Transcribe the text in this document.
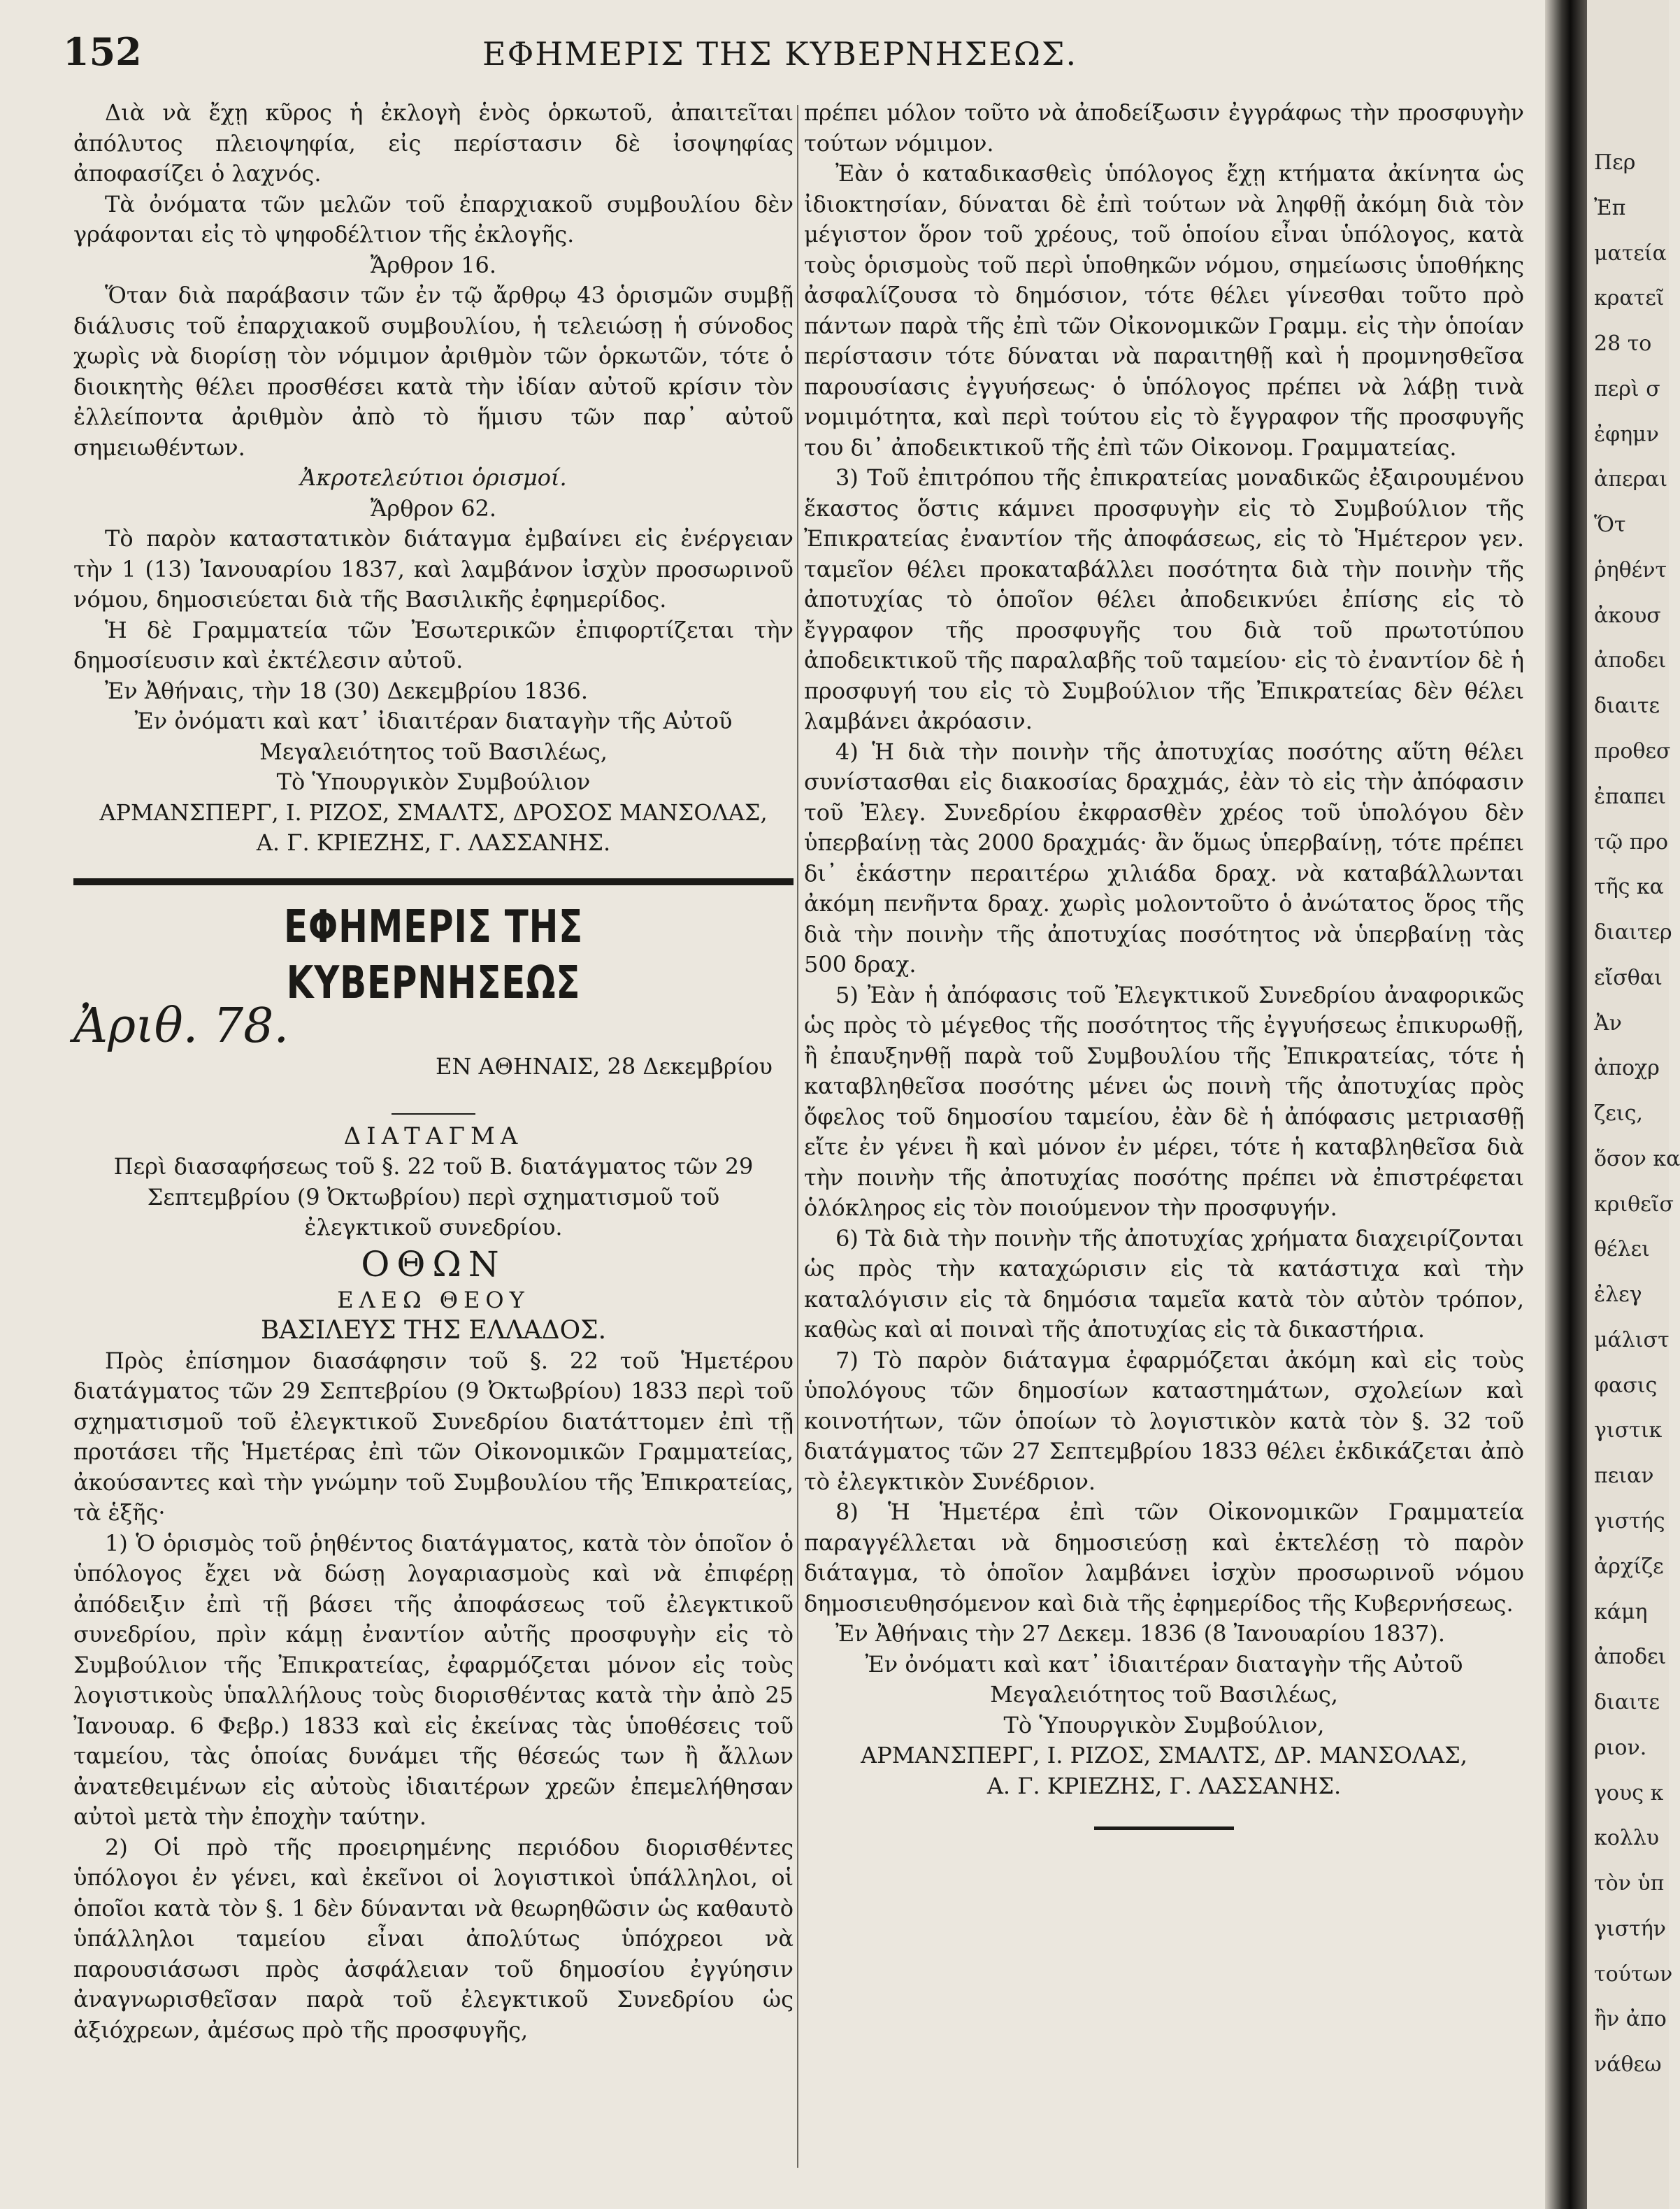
152	ΕΦΗΜΕΡΙΣ ΤΗΣ ΚΥΒΕΡΝΗΣΕΩΣ.

Διὰ νὰ ἔχῃ κῦρος ἡ ἐκλογὴ ἑνὸς ὁρκωτοῦ, ἀπαιτεῖται ἀπόλυτος πλειοψηφία, εἰς περίστασιν δὲ ἰσοψηφίας ἀποφασίζει ὁ λαχνός.

Τὰ ὀνόματα τῶν μελῶν τοῦ ἐπαρχιακοῦ συμβουλίου δὲν γράφονται εἰς τὸ ψηφοδέλτιον τῆς ἐκλογῆς.

Ἄρθρον 16.

Ὅταν διὰ παράβασιν τῶν ἐν τῷ ἄρθρῳ 43 ὁρισμῶν συμβῇ διάλυσις τοῦ ἐπαρχιακοῦ συμβουλίου, ἡ τελειώσῃ ἡ σύνοδος χωρὶς νὰ διορίσῃ τὸν νόμιμον ἀριθμὸν τῶν ὁρκωτῶν, τότε ὁ διοικητὴς θέλει προσθέσει κατὰ τὴν ἰδίαν αὐτοῦ κρίσιν τὸν ἐλλείποντα ἀριθμὸν ἀπὸ τὸ ἥμισυ τῶν παρ᾽ αὐτοῦ σημειωθέντων.

Ἀκροτελεύτιοι ὁρισμοί.

Ἄρθρον 62.

Τὸ παρὸν καταστατικὸν διάταγμα ἐμβαίνει εἰς ἐνέργειαν τὴν 1 (13) Ἰανουαρίου 1837, καὶ λαμβάνον ἰσχὺν προσωρινοῦ νόμου, δημοσιεύεται διὰ τῆς Βασιλικῆς ἐφημερίδος.

Ἡ δὲ Γραμματεία τῶν Ἐσωτερικῶν ἐπιφορτίζεται τὴν δημοσίευσιν καὶ ἐκτέλεσιν αὐτοῦ.

Ἐν Ἀθήναις, τὴν 18 (30) Δεκεμβρίου 1836.

Ἐν ὀνόματι καὶ κατ᾽ ἰδιαιτέραν διαταγὴν τῆς Αὐτοῦ

Μεγαλειότητος τοῦ Βασιλέως,

Τὸ Ὑπουργικὸν Συμβούλιον

ΑΡΜΑΝΣΠΕΡΓ, Ι. ΡΙΖΟΣ, ΣΜΑΛΤΣ, ΔΡΟΣΟΣ ΜΑΝΣΟΛΑΣ,

Α. Γ. ΚΡΙΕΖΗΣ, Γ. ΛΑΣΣΑΝΗΣ.

ΕΦΗΜΕΡΙΣ ΤΗΣ ΚΥΒΕΡΝΗΣΕΩΣ
Ἀριθ. 78.
ΕΝ ΑΘΗΝΑΙΣ, 28 Δεκεμβρίου

ΔΙΑΤΑΓΜΑ

Περὶ διασαφήσεως τοῦ §. 22 τοῦ Β. διατάγματος τῶν 29 Σεπτεμβρίου (9 Ὀκτωβρίου) περὶ σχηματισμοῦ τοῦ ἐλεγκτικοῦ συνεδρίου.

ΟΘΩΝ

ΕΛΕΩ ΘΕΟΥ

ΒΑΣΙΛΕΥΣ ΤΗΣ ΕΛΛΑΔΟΣ.

Πρὸς ἐπίσημον διασάφησιν τοῦ §. 22 τοῦ Ἡμετέρου διατάγματος τῶν 29 Σεπτεβρίου (9 Ὀκτωβρίου) 1833 περὶ τοῦ σχηματισμοῦ τοῦ ἐλεγκτικοῦ Συνεδρίου διατάττομεν ἐπὶ τῇ προτάσει τῆς Ἡμετέρας ἐπὶ τῶν Οἰκονομικῶν Γραμματείας, ἀκούσαντες καὶ τὴν γνώμην τοῦ Συμβουλίου τῆς Ἐπικρατείας, τὰ ἑξῆς·

1) Ὁ ὁρισμὸς τοῦ ῥηθέντος διατάγματος, κατὰ τὸν ὁποῖον ὁ ὑπόλογος ἔχει νὰ δώσῃ λογαριασμοὺς καὶ νὰ ἐπιφέρῃ ἀπόδειξιν ἐπὶ τῇ βάσει τῆς ἀποφάσεως τοῦ ἐλεγκτικοῦ συνεδρίου, πρὶν κάμῃ ἐναντίον αὐτῆς προσφυγὴν εἰς τὸ Συμβούλιον τῆς Ἐπικρατείας, ἐφαρμόζεται μόνον εἰς τοὺς λογιστικοὺς ὑπαλλήλους τοὺς διορισθέντας κατὰ τὴν ἀπὸ 25 Ἰανουαρ. 6 Φεβρ.) 1833 καὶ εἰς ἐκείνας τὰς ὑποθέσεις τοῦ ταμείου, τὰς ὁποίας δυνάμει τῆς θέσεώς των ἢ ἄλλων ἀνατεθειμένων εἰς αὐτοὺς ἰδιαιτέρων χρεῶν ἐπεμελήθησαν αὐτοὶ μετὰ τὴν ἐποχὴν ταύτην.

2) Οἱ πρὸ τῆς προειρημένης περιόδου διορισθέντες ὑπόλογοι ἐν γένει, καὶ ἐκεῖνοι οἱ λογιστικοὶ ὑπάλληλοι, οἱ ὁποῖοι κατὰ τὸν §. 1 δὲν δύνανται νὰ θεωρηθῶσιν ὡς καθαυτὸ ὑπάλληλοι ταμείου εἶναι ἀπολύτως ὑπόχρεοι νὰ παρουσιάσωσι πρὸς ἀσφάλειαν τοῦ δημοσίου ἐγγύησιν ἀναγνωρισθεῖσαν παρὰ τοῦ ἐλεγκτικοῦ Συνεδρίου ὡς ἀξιόχρεων, ἀμέσως πρὸ τῆς προσφυγῆς,

πρέπει μόλον τοῦτο νὰ ἀποδείξωσιν ἐγγράφως τὴν προσφυγὴν τούτων νόμιμον.

Ἐὰν ὁ καταδικασθεὶς ὑπόλογος ἔχῃ κτήματα ἀκίνητα ὡς ἰδιοκτησίαν, δύναται δὲ ἐπὶ τούτων νὰ ληφθῇ ἀκόμη διὰ τὸν μέγιστον ὅρον τοῦ χρέους, τοῦ ὁποίου εἶναι ὑπόλογος, κατὰ τοὺς ὁρισμοὺς τοῦ περὶ ὑποθηκῶν νόμου, σημείωσις ὑποθήκης ἀσφαλίζουσα τὸ δημόσιον, τότε θέλει γίνεσθαι τοῦτο πρὸ πάντων παρὰ τῆς ἐπὶ τῶν Οἰκονομικῶν Γραμμ. εἰς τὴν ὁποίαν περίστασιν τότε δύναται νὰ παραιτηθῇ καὶ ἡ προμνησθεῖσα παρουσίασις ἐγγυήσεως· ὁ ὑπόλογος πρέπει νὰ λάβῃ τινὰ νομιμότητα, καὶ περὶ τούτου εἰς τὸ ἔγγραφον τῆς προσφυγῆς του δι᾽ ἀποδεικτικοῦ τῆς ἐπὶ τῶν Οἰκονομ. Γραμματείας.

3) Τοῦ ἐπιτρόπου τῆς ἐπικρατείας μοναδικῶς ἐξαιρουμένου ἕκαστος ὅστις κάμνει προσφυγὴν εἰς τὸ Συμβούλιον τῆς Ἐπικρατείας ἐναντίον τῆς ἀποφάσεως, εἰς τὸ Ἡμέτερον γεν. ταμεῖον θέλει προκαταβάλλει ποσότητα διὰ τὴν ποινὴν τῆς ἀποτυχίας τὸ ὁποῖον θέλει ἀποδεικνύει ἐπίσης εἰς τὸ ἔγγραφον τῆς προσφυγῆς του διὰ τοῦ πρωτοτύπου ἀποδεικτικοῦ τῆς παραλαβῆς τοῦ ταμείου· εἰς τὸ ἐναντίον δὲ ἡ προσφυγή του εἰς τὸ Συμβούλιον τῆς Ἐπικρατείας δὲν θέλει λαμβάνει ἀκρόασιν.

4) Ἡ διὰ τὴν ποινὴν τῆς ἀποτυχίας ποσότης αὕτη θέλει συνίστασθαι εἰς διακοσίας δραχμάς, ἐὰν τὸ εἰς τὴν ἀπόφασιν τοῦ Ἐλεγ. Συνεδρίου ἐκφρασθὲν χρέος τοῦ ὑπολόγου δὲν ὑπερβαίνῃ τὰς 2000 δραχμάς· ἂν ὅμως ὑπερβαίνῃ, τότε πρέπει δι᾽ ἑκάστην περαιτέρω χιλιάδα δραχ. νὰ καταβάλλωνται ἀκόμη πενῆντα δραχ. χωρὶς μολοντοῦτο ὁ ἀνώτατος ὅρος τῆς διὰ τὴν ποινὴν τῆς ἀποτυχίας ποσότητος νὰ ὑπερβαίνῃ τὰς 500 δραχ.

5) Ἐὰν ἡ ἀπόφασις τοῦ Ἐλεγκτικοῦ Συνεδρίου ἀναφορικῶς ὡς πρὸς τὸ μέγεθος τῆς ποσότητος τῆς ἐγγυήσεως ἐπικυρωθῇ, ἢ ἐπαυξηνθῇ παρὰ τοῦ Συμβουλίου τῆς Ἐπικρατείας, τότε ἡ καταβληθεῖσα ποσότης μένει ὡς ποινὴ τῆς ἀποτυχίας πρὸς ὄφελος τοῦ δημοσίου ταμείου, ἐὰν δὲ ἡ ἀπόφασις μετριασθῇ εἴτε ἐν γένει ἢ καὶ μόνον ἐν μέρει, τότε ἡ καταβληθεῖσα διὰ τὴν ποινὴν τῆς ἀποτυχίας ποσότης πρέπει νὰ ἐπιστρέφεται ὁλόκληρος εἰς τὸν ποιούμενον τὴν προσφυγήν.

6) Τὰ διὰ τὴν ποινὴν τῆς ἀποτυχίας χρήματα διαχειρίζονται ὡς πρὸς τὴν καταχώρισιν εἰς τὰ κατάστιχα καὶ τὴν καταλόγισιν εἰς τὰ δημόσια ταμεῖα κατὰ τὸν αὐτὸν τρόπον, καθὼς καὶ αἱ ποιναὶ τῆς ἀποτυχίας εἰς τὰ δικαστήρια.

7) Τὸ παρὸν διάταγμα ἐφαρμόζεται ἀκόμη καὶ εἰς τοὺς ὑπολόγους τῶν δημοσίων καταστημάτων, σχολείων καὶ κοινοτήτων, τῶν ὁποίων τὸ λογιστικὸν κατὰ τὸν §. 32 τοῦ διατάγματος τῶν 27 Σεπτεμβρίου 1833 θέλει ἐκδικάζεται ἀπὸ τὸ ἐλεγκτικὸν Συνέδριον.

8) Ἡ Ἡμετέρα ἐπὶ τῶν Οἰκονομικῶν Γραμματεία παραγγέλλεται νὰ δημοσιεύσῃ καὶ ἐκτελέσῃ τὸ παρὸν διάταγμα, τὸ ὁποῖον λαμβάνει ἰσχὺν προσωρινοῦ νόμου δημοσιευθησόμενον καὶ διὰ τῆς ἐφημερίδος τῆς Κυβερνήσεως.

Ἐν Ἀθήναις τὴν 27 Δεκεμ. 1836 (8 Ἰανουαρίου 1837).

Ἐν ὀνόματι καὶ κατ᾽ ἰδιαιτέραν διαταγὴν τῆς Αὐτοῦ

Μεγαλειότητος τοῦ Βασιλέως,

Τὸ Ὑπουργικὸν Συμβούλιον,

ΑΡΜΑΝΣΠΕΡΓ, Ι. ΡΙΖΟΣ, ΣΜΑΛΤΣ, ΔΡ. ΜΑΝΣΟΛΑΣ,

Α. Γ. ΚΡΙΕΖΗΣ, Γ. ΛΑΣΣΑΝΗΣ.

Περ
Ἐπ
ματεία
κρατεῖ
28 το
περὶ σ
ἐφημν
ἀπεραι
Ὅτ
ῥηθέντ
ἀκουσ
ἀποδει
διαιτε
προθεσ
ἐπαπει
τῷ προ
τῆς κα
διαιτερ
εἴσθαι
Ἀν
ἀποχρ
ζεις,
ὅσον κα
κριθεῖσ
θέλει
ἐλεγ
μάλιστ
φασις
γιστικ
πειαν
γιστής
ἀρχίζε
κάμη
ἀποδει
διαιτε
ριον.
γους κ
κολλυ
τὸν ὑπ
γιστήν
τούτων
ἢν ἀπο
νάθεω
